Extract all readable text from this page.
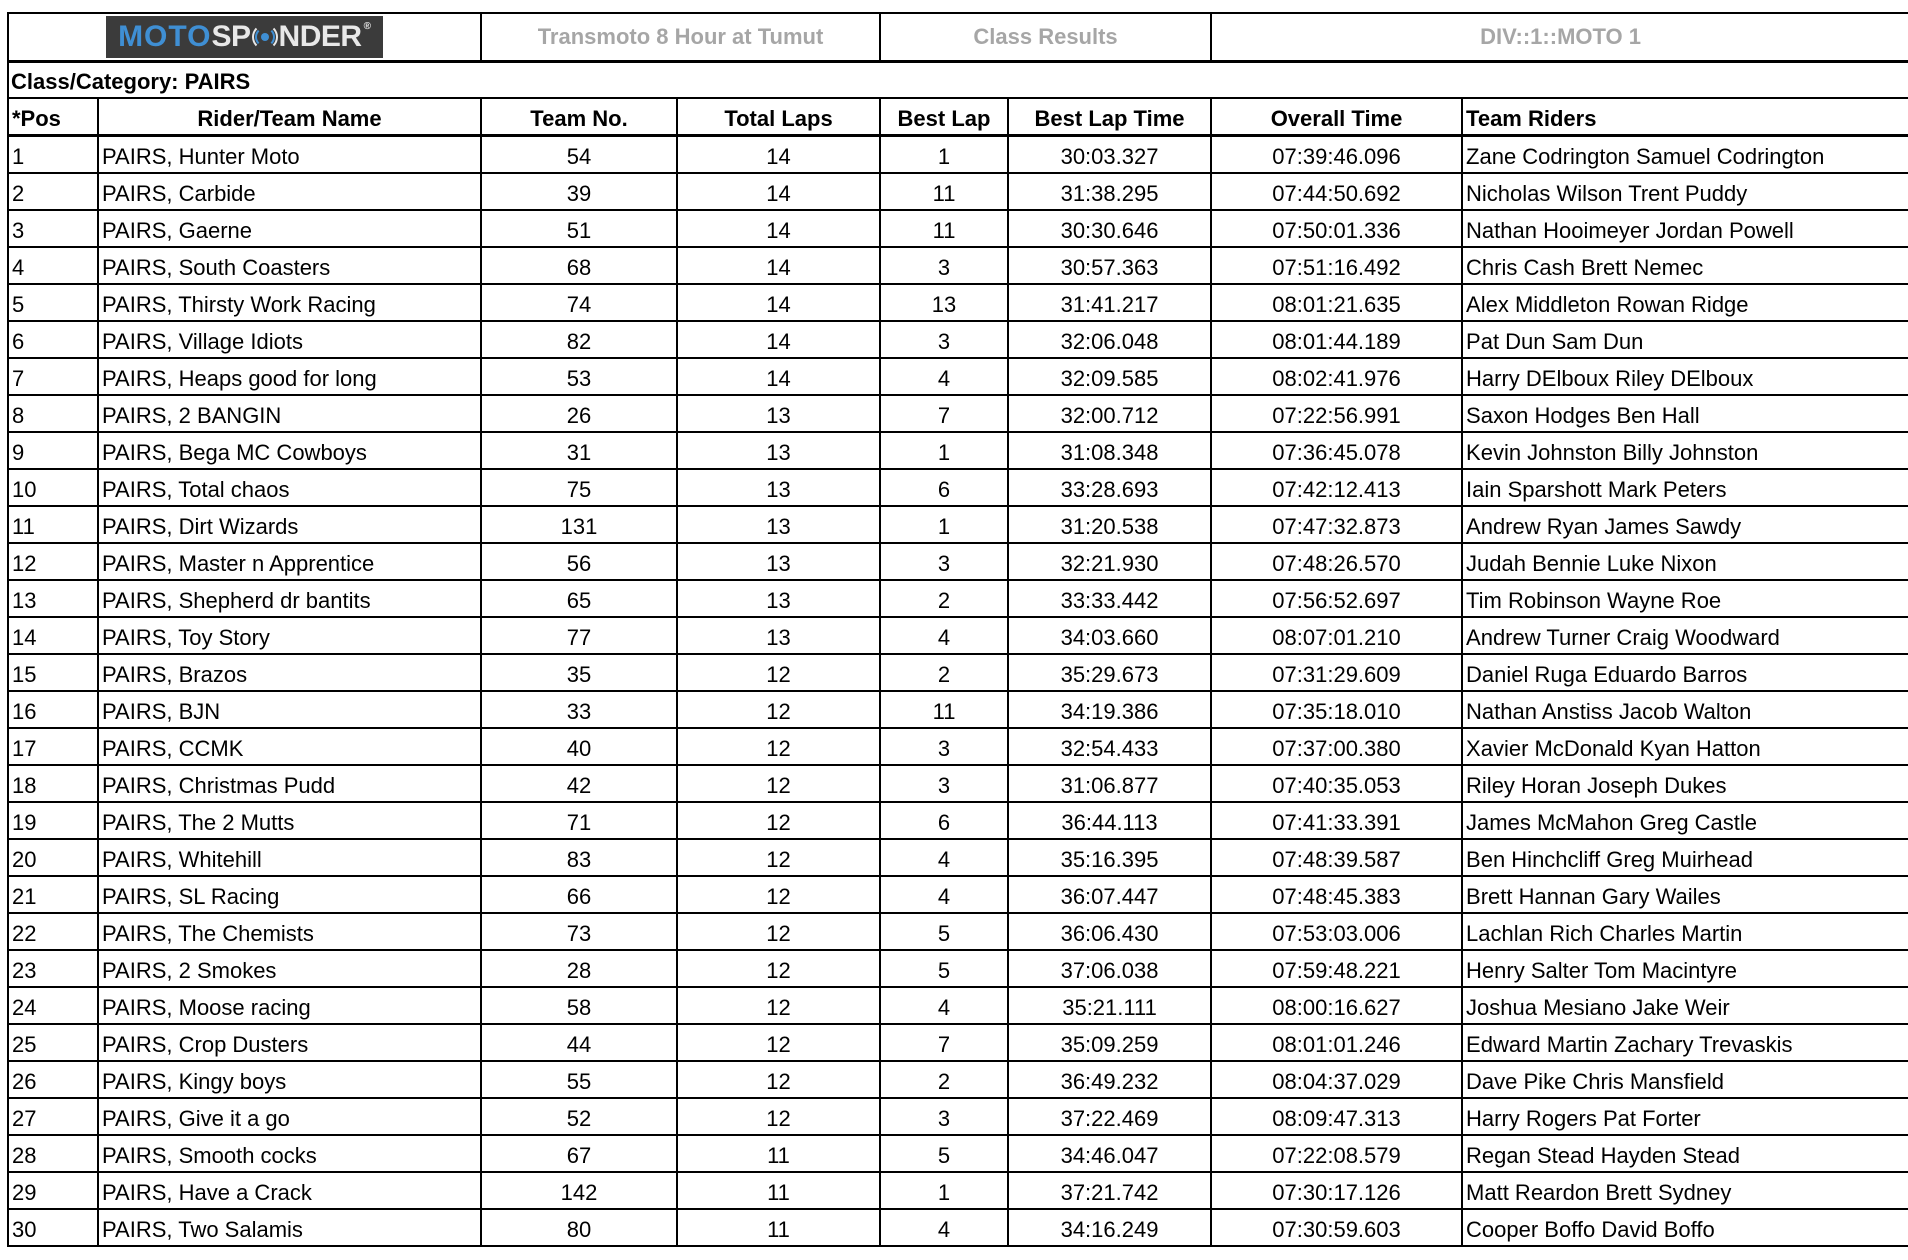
MOTO SP NDER ®		Transmoto 8 Hour at Tumut		Class Results		DIV::1::MOTO 1	
Class/Category: PAIRS							
*Pos	Rider/Team Name	Team No.	Total Laps	Best Lap	Best Lap Time	Overall Time	Team Riders
1	PAIRS, Hunter Moto	54	14	1	30:03.327	07:39:46.096	Zane Codrington Samuel Codrington
2	PAIRS, Carbide	39	14	11	31:38.295	07:44:50.692	Nicholas Wilson Trent Puddy
3	PAIRS, Gaerne	51	14	11	30:30.646	07:50:01.336	Nathan Hooimeyer Jordan Powell
4	PAIRS, South Coasters	68	14	3	30:57.363	07:51:16.492	Chris Cash Brett Nemec
5	PAIRS, Thirsty Work Racing	74	14	13	31:41.217	08:01:21.635	Alex Middleton Rowan Ridge
6	PAIRS, Village Idiots	82	14	3	32:06.048	08:01:44.189	Pat Dun Sam Dun
7	PAIRS, Heaps good for long	53	14	4	32:09.585	08:02:41.976	Harry DElboux Riley DElboux
8	PAIRS, 2 BANGIN	26	13	7	32:00.712	07:22:56.991	Saxon Hodges Ben Hall
9	PAIRS, Bega MC Cowboys	31	13	1	31:08.348	07:36:45.078	Kevin Johnston Billy Johnston
10	PAIRS, Total chaos	75	13	6	33:28.693	07:42:12.413	Iain Sparshott Mark Peters
11	PAIRS, Dirt Wizards	131	13	1	31:20.538	07:47:32.873	Andrew Ryan James Sawdy
12	PAIRS, Master n Apprentice	56	13	3	32:21.930	07:48:26.570	Judah Bennie Luke Nixon
13	PAIRS, Shepherd dr bantits	65	13	2	33:33.442	07:56:52.697	Tim Robinson Wayne Roe
14	PAIRS, Toy Story	77	13	4	34:03.660	08:07:01.210	Andrew Turner Craig Woodward
15	PAIRS, Brazos	35	12	2	35:29.673	07:31:29.609	Daniel Ruga Eduardo Barros
16	PAIRS, BJN	33	12	11	34:19.386	07:35:18.010	Nathan Anstiss Jacob Walton
17	PAIRS, CCMK	40	12	3	32:54.433	07:37:00.380	Xavier McDonald Kyan Hatton
18	PAIRS, Christmas Pudd	42	12	3	31:06.877	07:40:35.053	Riley Horan Joseph Dukes
19	PAIRS, The 2 Mutts	71	12	6	36:44.113	07:41:33.391	James McMahon Greg Castle
20	PAIRS, Whitehill	83	12	4	35:16.395	07:48:39.587	Ben Hinchcliff Greg Muirhead
21	PAIRS, SL Racing	66	12	4	36:07.447	07:48:45.383	Brett Hannan Gary Wailes
22	PAIRS, The Chemists	73	12	5	36:06.430	07:53:03.006	Lachlan Rich Charles Martin
23	PAIRS, 2 Smokes	28	12	5	37:06.038	07:59:48.221	Henry Salter Tom Macintyre
24	PAIRS, Moose racing	58	12	4	35:21.111	08:00:16.627	Joshua Mesiano Jake Weir
25	PAIRS, Crop Dusters	44	12	7	35:09.259	08:01:01.246	Edward Martin Zachary Trevaskis
26	PAIRS, Kingy boys	55	12	2	36:49.232	08:04:37.029	Dave Pike Chris Mansfield
27	PAIRS, Give it a go	52	12	3	37:22.469	08:09:47.313	Harry Rogers Pat Forter
28	PAIRS, Smooth cocks	67	11	5	34:46.047	07:22:08.579	Regan Stead Hayden Stead
29	PAIRS, Have a Crack	142	11	1	37:21.742	07:30:17.126	Matt Reardon Brett Sydney
30	PAIRS, Two Salamis	80	11	4	34:16.249	07:30:59.603	Cooper Boffo David Boffo
